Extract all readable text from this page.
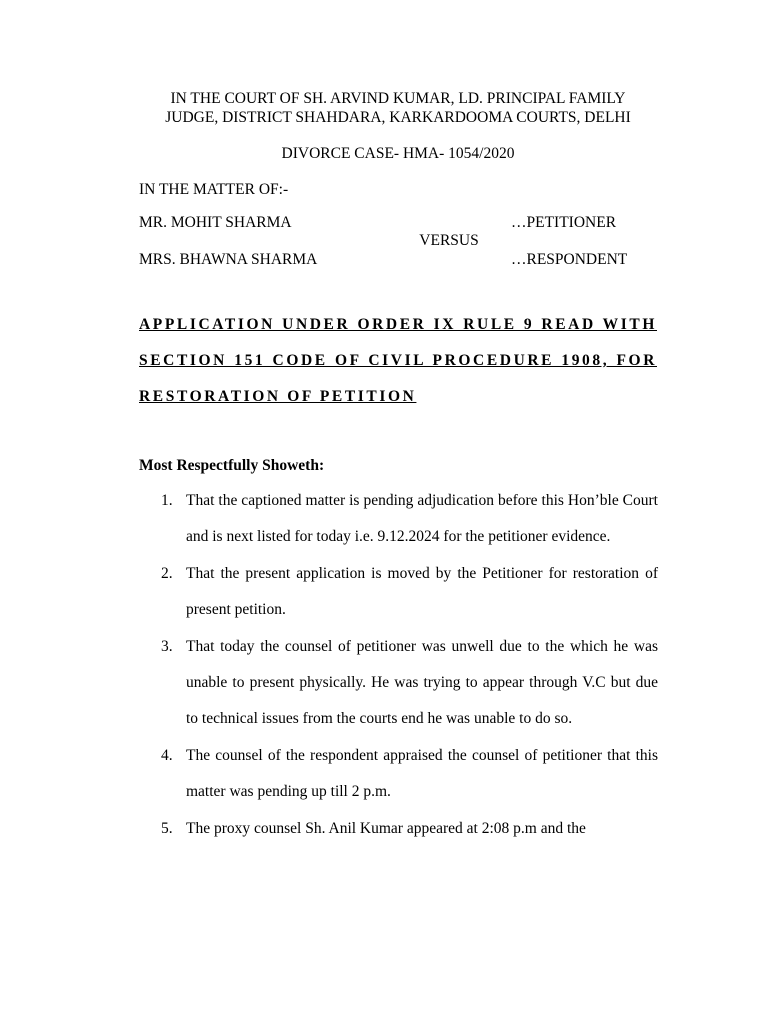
IN THE COURT OF SH. ARVIND KUMAR, LD. PRINCIPAL FAMILY
JUDGE, DISTRICT SHAHDARA, KARKARDOOMA COURTS, DELHI
DIVORCE CASE- HMA- 1054/2020
IN THE MATTER OF:-
MR. MOHIT SHARMA	…PETITIONER
VERSUS
MRS. BHAWNA SHARMA	…RESPONDENT
APPLICATION UNDER ORDER IX RULE 9 READ WITH SECTION 151 CODE OF CIVIL PROCEDURE 1908, FOR RESTORATION OF PETITION
Most Respectfully Showeth:
1. That the captioned matter is pending adjudication before this Hon’ble Court and is next listed for today i.e. 9.12.2024 for the petitioner evidence.
2. That the present application is moved by the Petitioner for restoration of present petition.
3. That today the counsel of petitioner was unwell due to the which he was unable to present physically. He was trying to appear through V.C but due to technical issues from the courts end he was unable to do so.
4. The counsel of the respondent appraised the counsel of petitioner that this matter was pending up till 2 p.m.
5. The proxy counsel Sh. Anil Kumar appeared at 2:08 p.m and the
